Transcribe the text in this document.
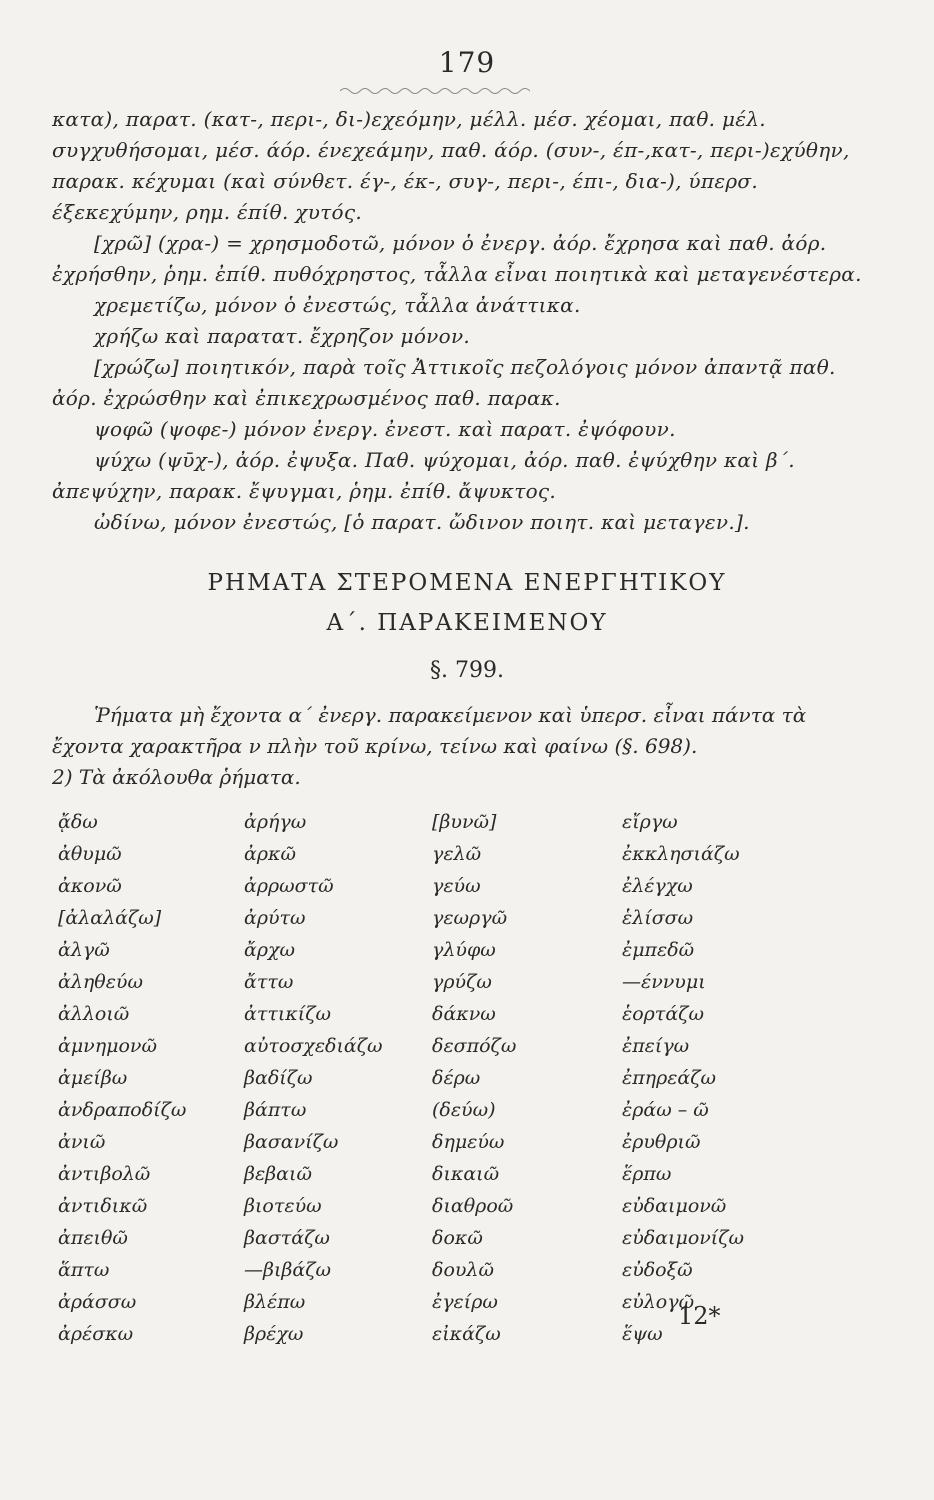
179

κατα), παρατ. (κατ-, περι-, δι-)εχεόμην, μέλλ. μέσ. χέομαι, παθ. μέλ. συγχυθήσομαι, μέσ. άόρ. ένεχεάμην, παθ. άόρ. (συν-, έπ-,κατ-, περι-)εχύθην, παρακ. κέχυμαι (καὶ σύνθετ. έγ-, έκ-, συγ-, περι-, έπι-, δια-), ύπερσ. έξεκεχύμην, ρημ. έπίθ. χυτός.

[χρῶ] (χρα-) = χρησμοδοτῶ, μόνον ὁ ἐνεργ. ἀόρ. ἔχρησα καὶ παθ. ἀόρ. ἐχρήσθην, ῥημ. ἐπίθ. πυθόχρηστος, τἆλλα εἶναι ποιητικὰ καὶ μεταγενέστερα.

χρεμετίζω, μόνον ὁ ἐνεστώς, τἆλλα ἀνάττικα.

χρήζω καὶ παρατατ. ἔχρηζον μόνον.

[χρώζω] ποιητικόν, παρὰ τοῖς Ἀττικοῖς πεζολόγοις μόνον ἀπαντᾷ παθ. ἀόρ. ἐχρώσθην καὶ ἐπικεχρωσμένος παθ. παρακ.

ψοφῶ (ψοφε-) μόνον ἐνεργ. ἐνεστ. καὶ παρατ. ἐψόφουν.

ψύχω (ψῡχ-), ἀόρ. ἐψυξα. Παθ. ψύχομαι, ἀόρ. παθ. ἐψύχθην καὶ β΄. ἀπεψύχην, παρακ. ἔψυγμαι, ῥημ. ἐπίθ. ἄψυκτος.

ὠδίνω, μόνον ἐνεστώς, [ὁ παρατ. ὤδινον ποιητ. καὶ μεταγεν.].

ΡΗΜΑΤΑ ΣΤΕΡΟΜΕΝΑ ΕΝΕΡΓΗΤΙΚΟΥ
Α΄. ΠΑΡΑΚΕΙΜΕΝΟΥ
§. 799.

Ῥήματα μὴ ἔχοντα α΄ ἐνεργ. παρακείμενον καὶ ὑπερσ. εἶναι πάντα τὰ ἔχοντα χαρακτῆρα ν πλὴν τοῦ κρίνω, τείνω καὶ φαίνω (§. 698).

2) Τὰ ἀκόλουθα ῥήματα.

ᾄδω
ἀθυμῶ
ἀκονῶ
[ἀλαλάζω]
ἀλγῶ
ἀληθεύω
ἀλλοιῶ
ἀμνημονῶ
ἀμείβω
ἀνδραποδίζω
ἀνιῶ
ἀντιβολῶ
ἀντιδικῶ
ἀπειθῶ
ἅπτω
ἀράσσω
ἀρέσκω
ἀρήγω
ἀρκῶ
ἀρρωστῶ
ἀρύτω
ἄρχω
ἄττω
ἀττικίζω
αὐτοσχεδιάζω
βαδίζω
βάπτω
βασανίζω
βεβαιῶ
βιοτεύω
βαστάζω
—βιβάζω
βλέπω
βρέχω
[βυνῶ]
γελῶ
γεύω
γεωργῶ
γλύφω
γρύζω
δάκνω
δεσπόζω
δέρω
(δεύω)
δημεύω
δικαιῶ
διαθροῶ
δοκῶ
δουλῶ
ἐγείρω
εἰκάζω
εἴργω
ἐκκλησιάζω
ἐλέγχω
ἑλίσσω
ἐμπεδῶ
—έννυμι
ἑορτάζω
ἐπείγω
ἐπηρεάζω
ἐράω – ῶ
ἐρυθριῶ
ἕρπω
εὐδαιμονῶ
εὐδαιμονίζω
εὐδοξῶ
εὐλογῶ
ἕψω
12*
